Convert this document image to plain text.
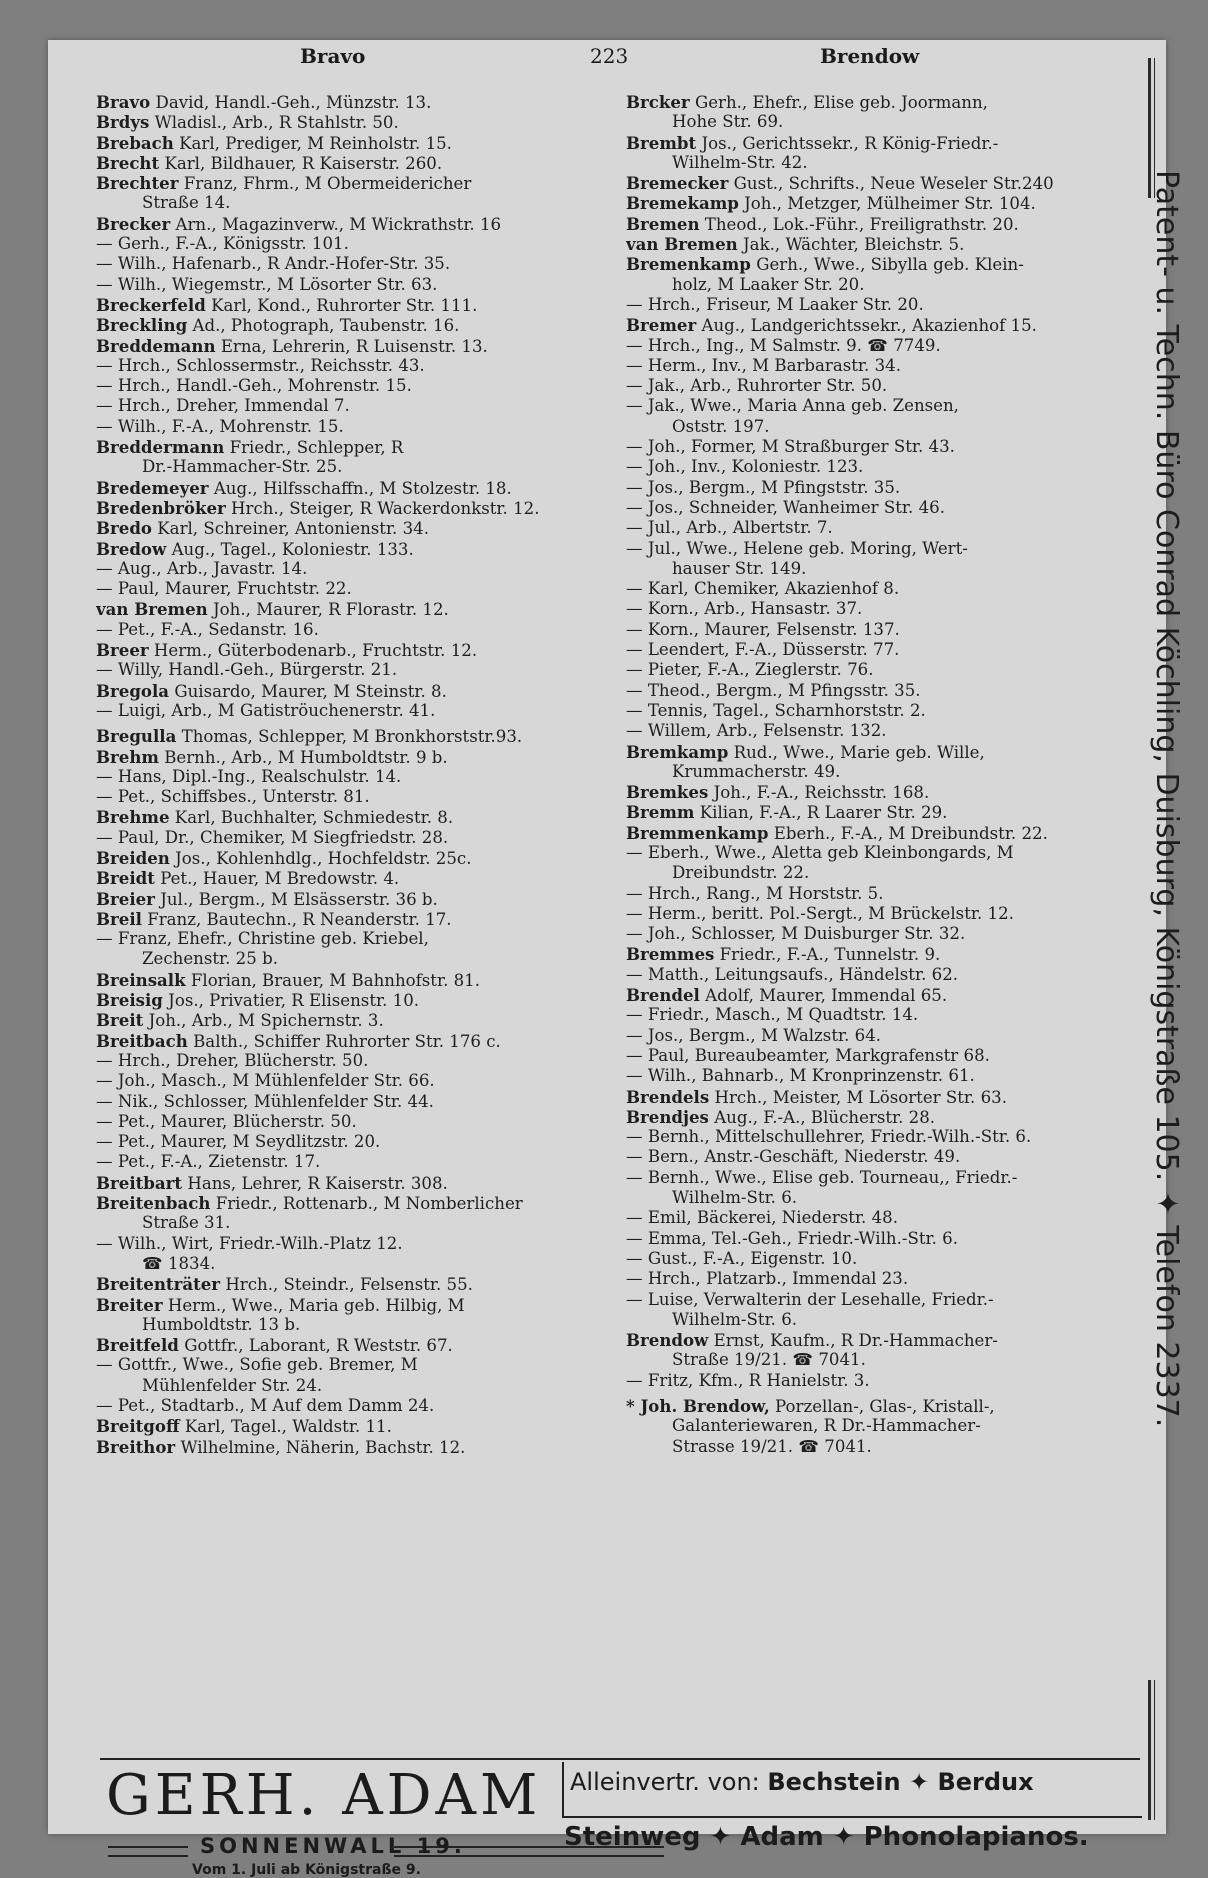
Bravo	223	Brendow
Bravo David, Handl.-Geh., Münzstr. 13.
Brdys Wladisl., Arb., R Stahlstr. 50.
Brebach Karl, Prediger, M Reinholstr. 15.
Brecht Karl, Bildhauer, R Kaiserstr. 260.
Brechter Franz, Fhrm., M Obermeidericher
Straße 14.
Brecker Arn., Magazinverw., M Wickrathstr. 16
— Gerh., F.-A., Königsstr. 101.
— Wilh., Hafenarb., R Andr.-Hofer-Str. 35.
— Wilh., Wiegemstr., M Lösorter Str. 63.
Breckerfeld Karl, Kond., Ruhrorter Str. 111.
Breckling Ad., Photograph, Taubenstr. 16.
Breddemann Erna, Lehrerin, R Luisenstr. 13.
— Hrch., Schlossermstr., Reichsstr. 43.
— Hrch., Handl.-Geh., Mohrenstr. 15.
— Hrch., Dreher, Immendal 7.
— Wilh., F.-A., Mohrenstr. 15.
Breddermann Friedr., Schlepper, R
Dr.-Hammacher-Str. 25.
Bredemeyer Aug., Hilfsschaffn., M Stolzestr. 18.
Bredenbröker Hrch., Steiger, R Wackerdonkstr. 12.
Bredo Karl, Schreiner, Antonienstr. 34.
Bredow Aug., Tagel., Koloniestr. 133.
— Aug., Arb., Javastr. 14.
— Paul, Maurer, Fruchtstr. 22.
van Bremen Joh., Maurer, R Florastr. 12.
— Pet., F.-A., Sedanstr. 16.
Breer Herm., Güterbodenarb., Fruchtstr. 12.
— Willy, Handl.-Geh., Bürgerstr. 21.
Bregola Guisardo, Maurer, M Steinstr. 8.
— Luigi, Arb., M Gatiströuchenerstr. 41.
Bregulla Thomas, Schlepper, M Bronkhorststr.93.
Brehm Bernh., Arb., M Humboldtstr. 9 b.
— Hans, Dipl.-Ing., Realschulstr. 14.
— Pet., Schiffsbes., Unterstr. 81.
Brehme Karl, Buchhalter, Schmiedestr. 8.
— Paul, Dr., Chemiker, M Siegfriedstr. 28.
Breiden Jos., Kohlenhdlg., Hochfeldstr. 25c.
Breidt Pet., Hauer, M Bredowstr. 4.
Breier Jul., Bergm., M Elsässerstr. 36 b.
Breil Franz, Bautechn., R Neanderstr. 17.
— Franz, Ehefr., Christine geb. Kriebel,
Zechenstr. 25 b.
Breinsalk Florian, Brauer, M Bahnhofstr. 81.
Breisig Jos., Privatier, R Elisenstr. 10.
Breit Joh., Arb., M Spichernstr. 3.
Breitbach Balth., Schiffer Ruhrorter Str. 176 c.
— Hrch., Dreher, Blücherstr. 50.
— Joh., Masch., M Mühlenfelder Str. 66.
— Nik., Schlosser, Mühlenfelder Str. 44.
— Pet., Maurer, Blücherstr. 50.
— Pet., Maurer, M Seydlitzstr. 20.
— Pet., F.-A., Zietenstr. 17.
Breitbart Hans, Lehrer, R Kaiserstr. 308.
Breitenbach Friedr., Rottenarb., M Nomberlicher
Straße 31.
— Wilh., Wirt, Friedr.-Wilh.-Platz 12.
☎ 1834.
Breitenträter Hrch., Steindr., Felsenstr. 55.
Breiter Herm., Wwe., Maria geb. Hilbig, M
Humboldtstr. 13 b.
Breitfeld Gottfr., Laborant, R Weststr. 67.
— Gottfr., Wwe., Sofie geb. Bremer, M
Mühlenfelder Str. 24.
— Pet., Stadtarb., M Auf dem Damm 24.
Breitgoff Karl, Tagel., Waldstr. 11.
Breithor Wilhelmine, Näherin, Bachstr. 12.
Brcker Gerh., Ehefr., Elise geb. Joormann,
Hohe Str. 69.
Brembt Jos., Gerichtssekr., R König-Friedr.-
Wilhelm-Str. 42.
Bremecker Gust., Schrifts., Neue Weseler Str.240
Bremekamp Joh., Metzger, Mülheimer Str. 104.
Bremen Theod., Lok.-Führ., Freiligrathstr. 20.
van Bremen Jak., Wächter, Bleichstr. 5.
Bremenkamp Gerh., Wwe., Sibylla geb. Klein-
holz, M Laaker Str. 20.
— Hrch., Friseur, M Laaker Str. 20.
Bremer Aug., Landgerichtssekr., Akazienhof 15.
— Hrch., Ing., M Salmstr. 9. ☎ 7749.
— Herm., Inv., M Barbarastr. 34.
— Jak., Arb., Ruhrorter Str. 50.
— Jak., Wwe., Maria Anna geb. Zensen,
Oststr. 197.
— Joh., Former, M Straßburger Str. 43.
— Joh., Inv., Koloniestr. 123.
— Jos., Bergm., M Pfingststr. 35.
— Jos., Schneider, Wanheimer Str. 46.
— Jul., Arb., Albertstr. 7.
— Jul., Wwe., Helene geb. Moring, Wert-
hauser Str. 149.
— Karl, Chemiker, Akazienhof 8.
— Korn., Arb., Hansastr. 37.
— Korn., Maurer, Felsenstr. 137.
— Leendert, F.-A., Düsserstr. 77.
— Pieter, F.-A., Zieglerstr. 76.
— Theod., Bergm., M Pfingsstr. 35.
— Tennis, Tagel., Scharnhorststr. 2.
— Willem, Arb., Felsenstr. 132.
Bremkamp Rud., Wwe., Marie geb. Wille,
Krummacherstr. 49.
Bremkes Joh., F.-A., Reichsstr. 168.
Bremm Kilian, F.-A., R Laarer Str. 29.
Bremmenkamp Eberh., F.-A., M Dreibundstr. 22.
— Eberh., Wwe., Aletta geb Kleinbongards, M
Dreibundstr. 22.
— Hrch., Rang., M Horststr. 5.
— Herm., beritt. Pol.-Sergt., M Brückelstr. 12.
— Joh., Schlosser, M Duisburger Str. 32.
Bremmes Friedr., F.-A., Tunnelstr. 9.
— Matth., Leitungsaufs., Händelstr. 62.
Brendel Adolf, Maurer, Immendal 65.
— Friedr., Masch., M Quadtstr. 14.
— Jos., Bergm., M Walzstr. 64.
— Paul, Bureaubeamter, Markgrafenstr 68.
— Wilh., Bahnarb., M Kronprinzenstr. 61.
Brendels Hrch., Meister, M Lösorter Str. 63.
Brendjes Aug., F.-A., Blücherstr. 28.
— Bernh., Mittelschullehrer, Friedr.-Wilh.-Str. 6.
— Bern., Anstr.-Geschäft, Niederstr. 49.
— Bernh., Wwe., Elise geb. Tourneau,, Friedr.-
Wilhelm-Str. 6.
— Emil, Bäckerei, Niederstr. 48.
— Emma, Tel.-Geh., Friedr.-Wilh.-Str. 6.
— Gust., F.-A., Eigenstr. 10.
— Hrch., Platzarb., Immendal 23.
— Luise, Verwalterin der Lesehalle, Friedr.-
Wilhelm-Str. 6.
Brendow Ernst, Kaufm., R Dr.-Hammacher-
Straße 19/21. ☎ 7041.
— Fritz, Kfm., R Hanielstr. 3.
* Joh. Brendow, Porzellan-, Glas-, Kristall-,
Galanteriewaren, R Dr.-Hammacher-
Strasse 19/21. ☎ 7041.
Patent- u. Techn. Büro Conrad Köchling, Duisburg, Königstraße 105. ✦ Telefon 2337.
GERH. ADAM
SONNENWALL 19.
Vom 1. Juli ab Königstraße 9.
Alleinvertr. von: Bechstein ✦ Berdux
Steinweg ✦ Adam ✦ Phonolapianos.
